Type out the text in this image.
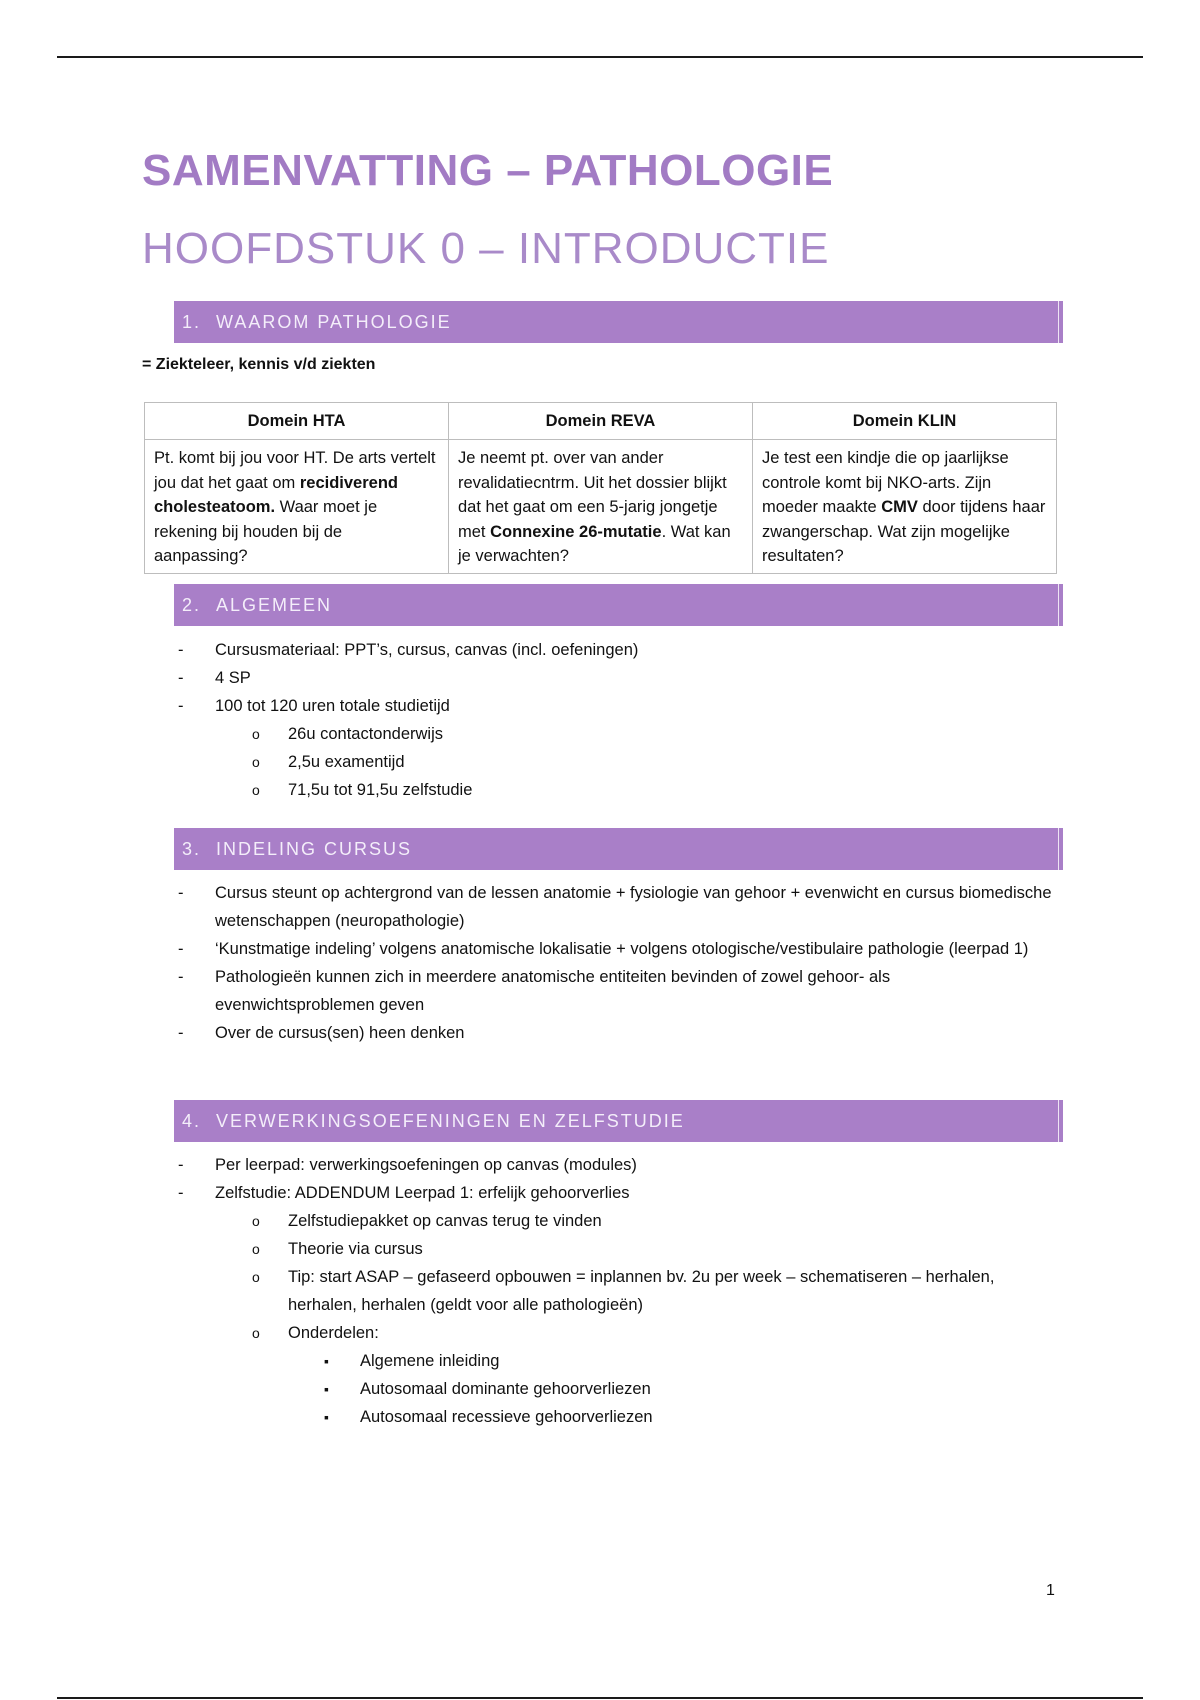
SAMENVATTING – PATHOLOGIE
HOOFDSTUK 0 – INTRODUCTIE
1. WAAROM PATHOLOGIE
= Ziekteleer, kennis v/d ziekten
Domein HTA	Domein REVA	Domein KLIN
Pt. komt bij jou voor HT. De arts vertelt jou dat het gaat om recidiverend cholesteatoom. Waar moet je rekening bij houden bij de aanpassing?	Je neemt pt. over van ander revalidatiecntrm. Uit het dossier blijkt dat het gaat om een 5-jarig jongetje met Connexine 26-mutatie. Wat kan je verwachten?	Je test een kindje die op jaarlijkse controle komt bij NKO-arts. Zijn moeder maakte CMV door tijdens haar zwangerschap. Wat zijn mogelijke resultaten?
2. ALGEMEEN
- Cursusmateriaal: PPT’s, cursus, canvas (incl. oefeningen)
- 4 SP
- 100 tot 120 uren totale studietijd
o 26u contactonderwijs
o 2,5u examentijd
o 71,5u tot 91,5u zelfstudie
3. INDELING CURSUS
- Cursus steunt op achtergrond van de lessen anatomie + fysiologie van gehoor + evenwicht en cursus biomedische wetenschappen (neuropathologie)
- ‘Kunstmatige indeling’ volgens anatomische lokalisatie + volgens otologische/vestibulaire pathologie (leerpad 1)
- Pathologieën kunnen zich in meerdere anatomische entiteiten bevinden of zowel gehoor- als evenwichtsproblemen geven
- Over de cursus(sen) heen denken
4. VERWERKINGSOEFENINGEN EN ZELFSTUDIE
- Per leerpad: verwerkingsoefeningen op canvas (modules)
- Zelfstudie: ADDENDUM Leerpad 1: erfelijk gehoorverlies
o Zelfstudiepakket op canvas terug te vinden
o Theorie via cursus
o Tip: start ASAP – gefaseerd opbouwen = inplannen bv. 2u per week – schematiseren – herhalen, herhalen, herhalen (geldt voor alle pathologieën)
o Onderdelen:
▪ Algemene inleiding
▪ Autosomaal dominante gehoorverliezen
▪ Autosomaal recessieve gehoorverliezen
1
